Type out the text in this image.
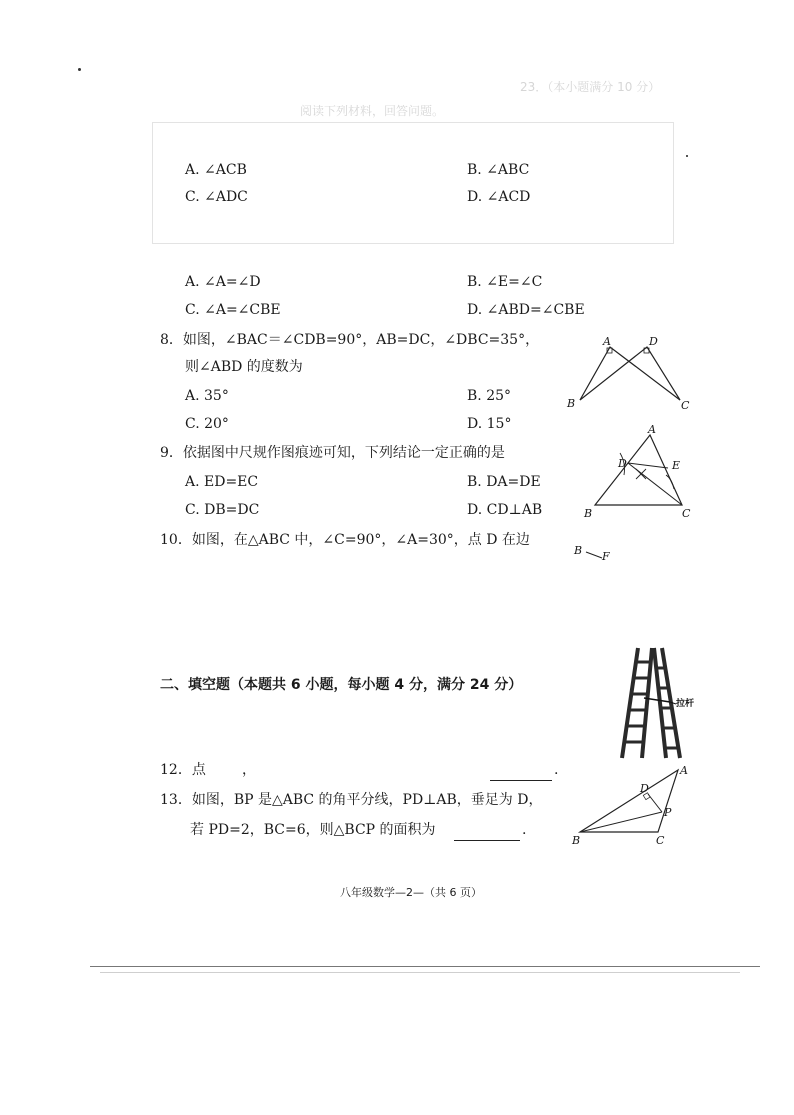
23．（本小题满分 10 分）
阅读下列材料，回答问题。
A. ∠ACB	B. ∠ABC
C. ∠ADC	D. ∠ACD
A. ∠A=∠D	B. ∠E=∠C
C. ∠A=∠CBE	D. ∠ABD=∠CBE
8．如图，∠BAC＝∠CDB=90°，AB=DC，∠DBC=35°，
则∠ABD 的度数为
A. 35°	B. 25°
C. 20°	D. 15°
9．依据图中尺规作图痕迹可知，下列结论一定正确的是
A. ED=EC	B. DA=DE
C. DB=DC	D. CD⊥AB
10．如图，在△ABC 中，∠C=90°，∠A=30°，点 D 在边
二、填空题（本题共 6 小题，每小题 4 分，满分 24 分）
12．点	，	.
13．如图，BP 是△ABC 的角平分线，PD⊥AB，垂足为 D，
若 PD=2，BC=6，则△BCP 的面积为	.
八年级数学—2—（共 6 页）
A	D
B	C
A
D	E
B	C
B F
拉杆
A
D
P
B	C
